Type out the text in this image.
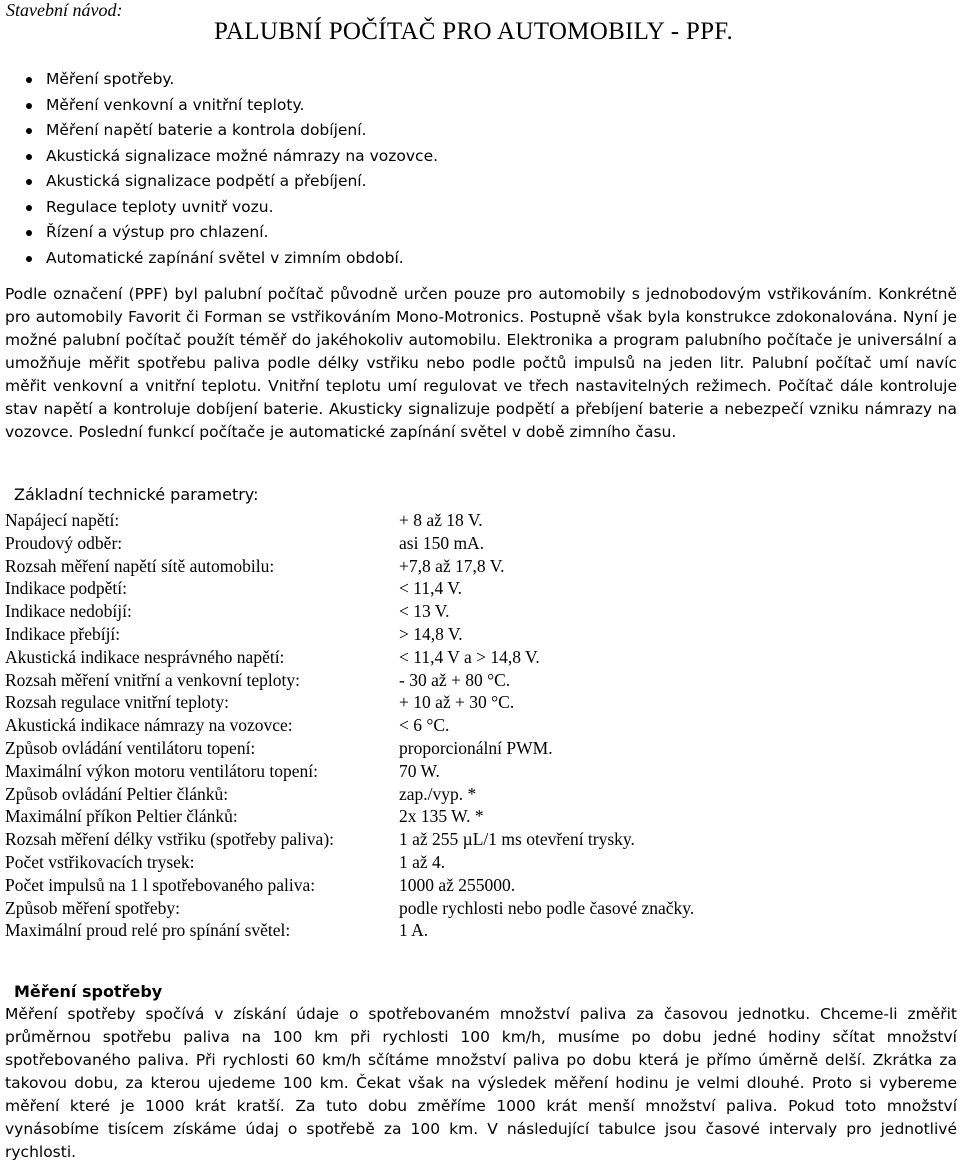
Stavební návod:
PALUBNÍ POČÍTAČ PRO AUTOMOBILY - PPF.
Měření spotřeby.
Měření venkovní a vnitřní teploty.
Měření napětí baterie a kontrola dobíjení.
Akustická signalizace možné námrazy na vozovce.
Akustická signalizace podpětí a přebíjení.
Regulace teploty uvnitř vozu.
Řízení a výstup pro chlazení.
Automatické zapínání světel v zimním období.

Podle označení (PPF) byl palubní počítač původně určen pouze pro automobily s jednobodovým vstřikováním. Konkrétně pro automobily Favorit či Forman se vstřikováním Mono-Motronics. Postupně však byla konstrukce zdokonalována. Nyní je možné palubní počítač použít téměř do jakéhokoliv automobilu. Elektronika a program palubního počítače je universální a umožňuje měřit spotřebu paliva podle délky vstřiku nebo podle počtů impulsů na jeden litr. Palubní počítač umí navíc měřit venkovní a vnitřní teplotu. Vnitřní teplotu umí regulovat ve třech nastavitelných režimech. Počítač dále kontroluje stav napětí a kontroluje dobíjení baterie. Akusticky signalizuje podpětí a přebíjení baterie a nebezpečí vzniku námrazy na vozovce. Poslední funkcí počítače je automatické zapínání světel v době zimního času.

Základní technické parametry:
Napájecí napětí:	+ 8 až 18 V.
Proudový odběr:	asi 150 mA.
Rozsah měření napětí sítě automobilu:	+7,8 až 17,8 V.
Indikace podpětí:	< 11,4 V.
Indikace nedobíjí:	< 13 V.
Indikace přebíjí:	> 14,8 V.
Akustická indikace nesprávného napětí:	< 11,4 V a > 14,8 V.
Rozsah měření vnitřní a venkovní teploty:	- 30 až + 80 °C.
Rozsah regulace vnitřní teploty:	+ 10 až + 30 °C.
Akustická indikace námrazy na vozovce:	< 6 °C.
Způsob ovládání ventilátoru topení:	proporcionální PWM.
Maximální výkon motoru ventilátoru topení:	70 W.
Způsob ovládání Peltier článků:	zap./vyp. *
Maximální příkon Peltier článků:	2x 135 W. *
Rozsah měření délky vstřiku (spotřeby paliva):	1 až 255 µL/1 ms otevření trysky.
Počet vstřikovacích trysek:	1 až 4.
Počet impulsů na 1 l spotřebovaného paliva:	1000 až 255000.
Způsob měření spotřeby:	podle rychlosti nebo podle časové značky.
Maximální proud relé pro spínání světel:	1 A.
Měření spotřeby

Měření spotřeby spočívá v získání údaje o spotřebovaném množství paliva za časovou jednotku. Chceme-li změřit průměrnou spotřebu paliva na 100 km při rychlosti 100 km/h, musíme po dobu jedné hodiny sčítat množství spotřebovaného paliva. Při rychlosti 60 km/h sčítáme množství paliva po dobu která je přímo úměrně delší. Zkrátka za takovou dobu, za kterou ujedeme 100 km. Čekat však na výsledek měření hodinu je velmi dlouhé. Proto si vybereme měření které je 1000 krát kratší. Za tuto dobu změříme 1000 krát menší množství paliva. Pokud toto množství vynásobíme tisícem získáme údaj o spotřebě za 100 km. V následující tabulce jsou časové intervaly pro jednotlivé rychlosti.
